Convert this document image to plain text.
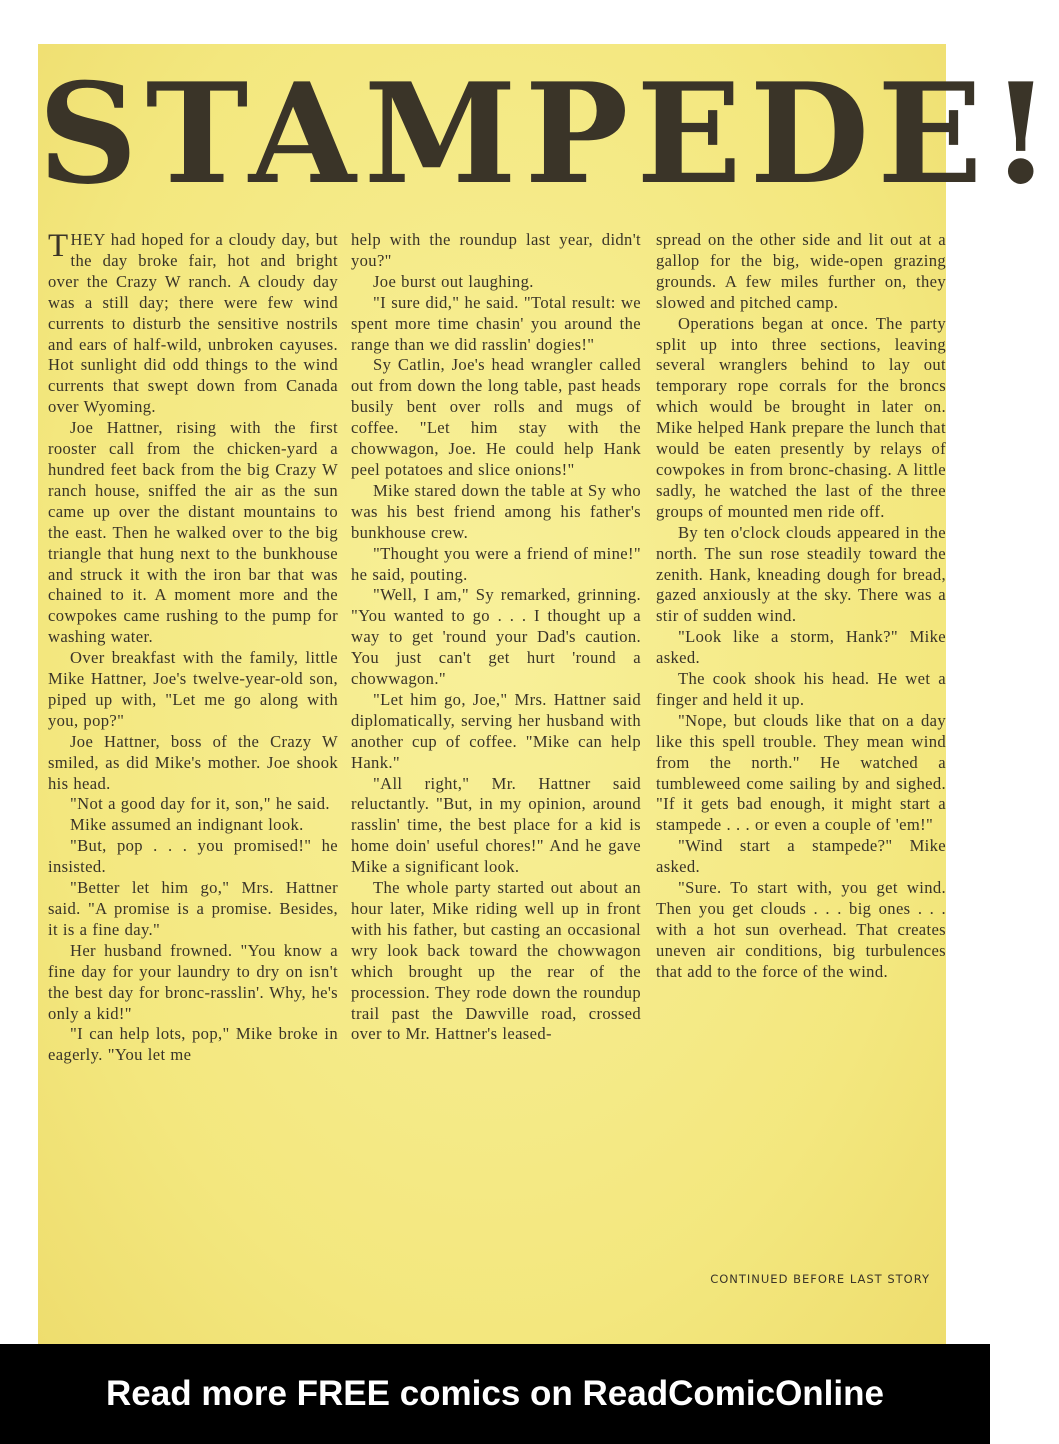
STAMPEDE!

THEY had hoped for a cloudy day, but the day broke fair, hot and bright over the Crazy W ranch. A cloudy day was a still day; there were few wind currents to disturb the sensitive nostrils and ears of half-wild, unbroken cayuses. Hot sunlight did odd things to the wind currents that swept down from Canada over Wyoming.

Joe Hattner, rising with the first rooster call from the chicken-yard a hundred feet back from the big Crazy W ranch house, sniffed the air as the sun came up over the distant mountains to the east. Then he walked over to the big triangle that hung next to the bunkhouse and struck it with the iron bar that was chained to it. A moment more and the cowpokes came rushing to the pump for washing water.

Over breakfast with the family, little Mike Hattner, Joe's twelve-year-old son, piped up with, "Let me go along with you, pop?"

Joe Hattner, boss of the Crazy W smiled, as did Mike's mother. Joe shook his head.

"Not a good day for it, son," he said.

Mike assumed an indignant look.

"But, pop . . . you promised!" he insisted.

"Better let him go," Mrs. Hattner said. "A promise is a promise. Besides, it is a fine day."

Her husband frowned. "You know a fine day for your laundry to dry on isn't the best day for bronc-rasslin'. Why, he's only a kid!"

"I can help lots, pop," Mike broke in eagerly. "You let me

help with the roundup last year, didn't you?"

Joe burst out laughing.

"I sure did," he said. "Total result: we spent more time chasin' you around the range than we did rasslin' dogies!"

Sy Catlin, Joe's head wrangler called out from down the long table, past heads busily bent over rolls and mugs of coffee. "Let him stay with the chowwagon, Joe. He could help Hank peel potatoes and slice onions!"

Mike stared down the table at Sy who was his best friend among his father's bunkhouse crew.

"Thought you were a friend of mine!" he said, pouting.

"Well, I am," Sy remarked, grinning. "You wanted to go . . . I thought up a way to get 'round your Dad's caution. You just can't get hurt 'round a chowwagon."

"Let him go, Joe," Mrs. Hattner said diplomatically, serving her husband with another cup of coffee. "Mike can help Hank."

"All right," Mr. Hattner said reluctantly. "But, in my opinion, around rasslin' time, the best place for a kid is home doin' useful chores!" And he gave Mike a significant look.

The whole party started out about an hour later, Mike riding well up in front with his father, but casting an occasional wry look back toward the chowwagon which brought up the rear of the procession. They rode down the roundup trail past the Dawville road, crossed over to Mr. Hattner's leased-

spread on the other side and lit out at a gallop for the big, wide-open grazing grounds. A few miles further on, they slowed and pitched camp.

Operations began at once. The party split up into three sections, leaving several wranglers behind to lay out temporary rope corrals for the broncs which would be brought in later on. Mike helped Hank prepare the lunch that would be eaten presently by relays of cowpokes in from bronc-chasing. A little sadly, he watched the last of the three groups of mounted men ride off.

By ten o'clock clouds appeared in the north. The sun rose steadily toward the zenith. Hank, kneading dough for bread, gazed anxiously at the sky. There was a stir of sudden wind.

"Look like a storm, Hank?" Mike asked.

The cook shook his head. He wet a finger and held it up.

"Nope, but clouds like that on a day like this spell trouble. They mean wind from the north." He watched a tumbleweed come sailing by and sighed. "If it gets bad enough, it might start a stampede . . . or even a couple of 'em!"

"Wind start a stampede?" Mike asked.

"Sure. To start with, you get wind. Then you get clouds . . . big ones . . . with a hot sun overhead. That creates uneven air conditions, big turbulences that add to the force of the wind.

CONTINUED BEFORE LAST STORY
Read more FREE comics on ReadComicOnline
